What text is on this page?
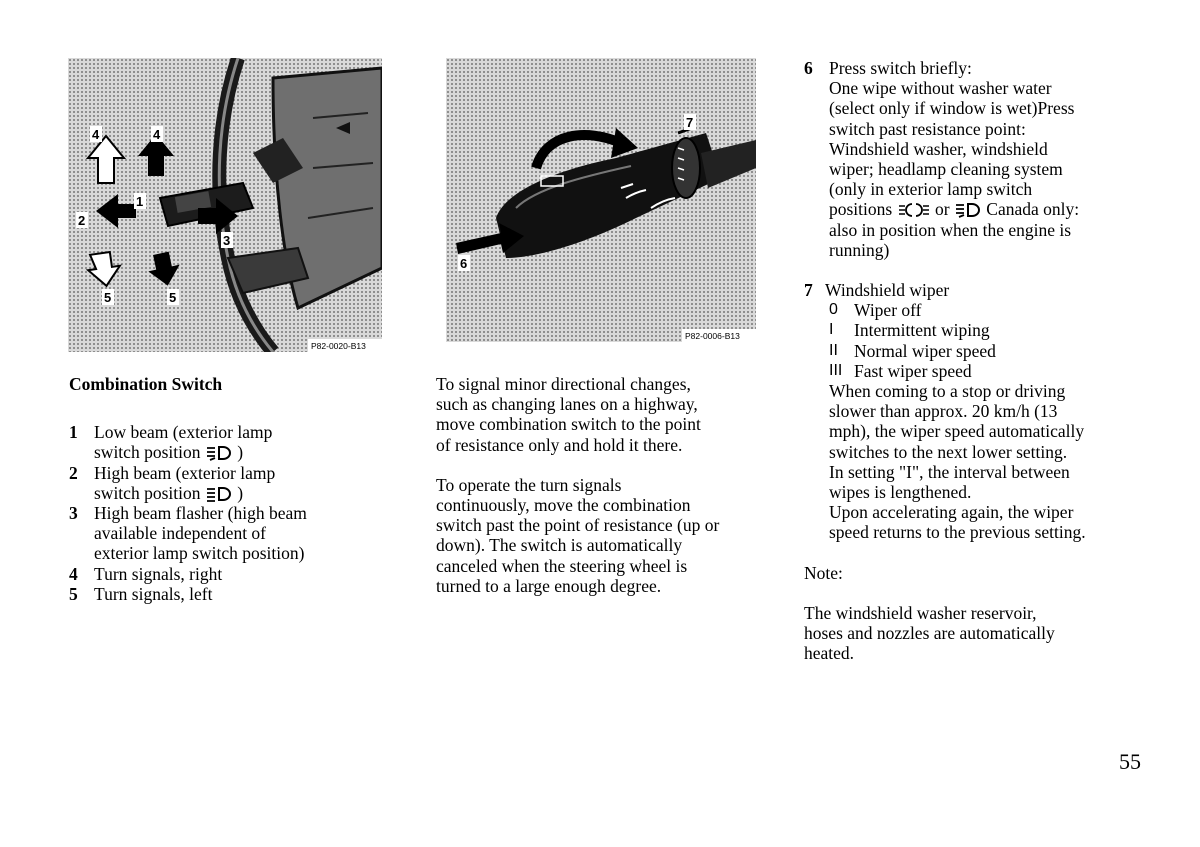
4	4
2
1
3
5	5
P82-0020-B13
7
6
P82-0006-B13

Combination Switch

1 Low beam (exterior lamp
switch position  )
2 High beam (exterior lamp
switch position  )
3 High beam flasher (high beam
available independent of
exterior lamp switch position)
4 Turn signals, right
5 Turn signals, left
To signal minor directional changes,
such as changing lanes on a highway,
move combination switch to the point
of resistance only and hold it there.
To operate the turn signals
continuously, move the combination
switch past the point of resistance (up or
down). The switch is automatically
canceled when the steering wheel is
turned to a large enough degree.
6 Press switch briefly:
One wipe without washer water
(select only if window is wet)Press
switch past resistance point:
Windshield washer, windshield
wiper; headlamp cleaning system
(only in exterior lamp switch
positions  or  Canada only:
also in position when the engine is
running)
7 Windshield wiper
0 Wiper off
I Intermittent wiping
II Normal wiper speed
III Fast wiper speed
When coming to a stop or driving
slower than approx. 20 km/h (13
mph), the wiper speed automatically
switches to the next lower setting.
In setting "I", the interval between
wipes is lengthened.
Upon accelerating again, the wiper
speed returns to the previous setting.

Note:

The windshield washer reservoir,
hoses and nozzles are automatically
heated.
55
